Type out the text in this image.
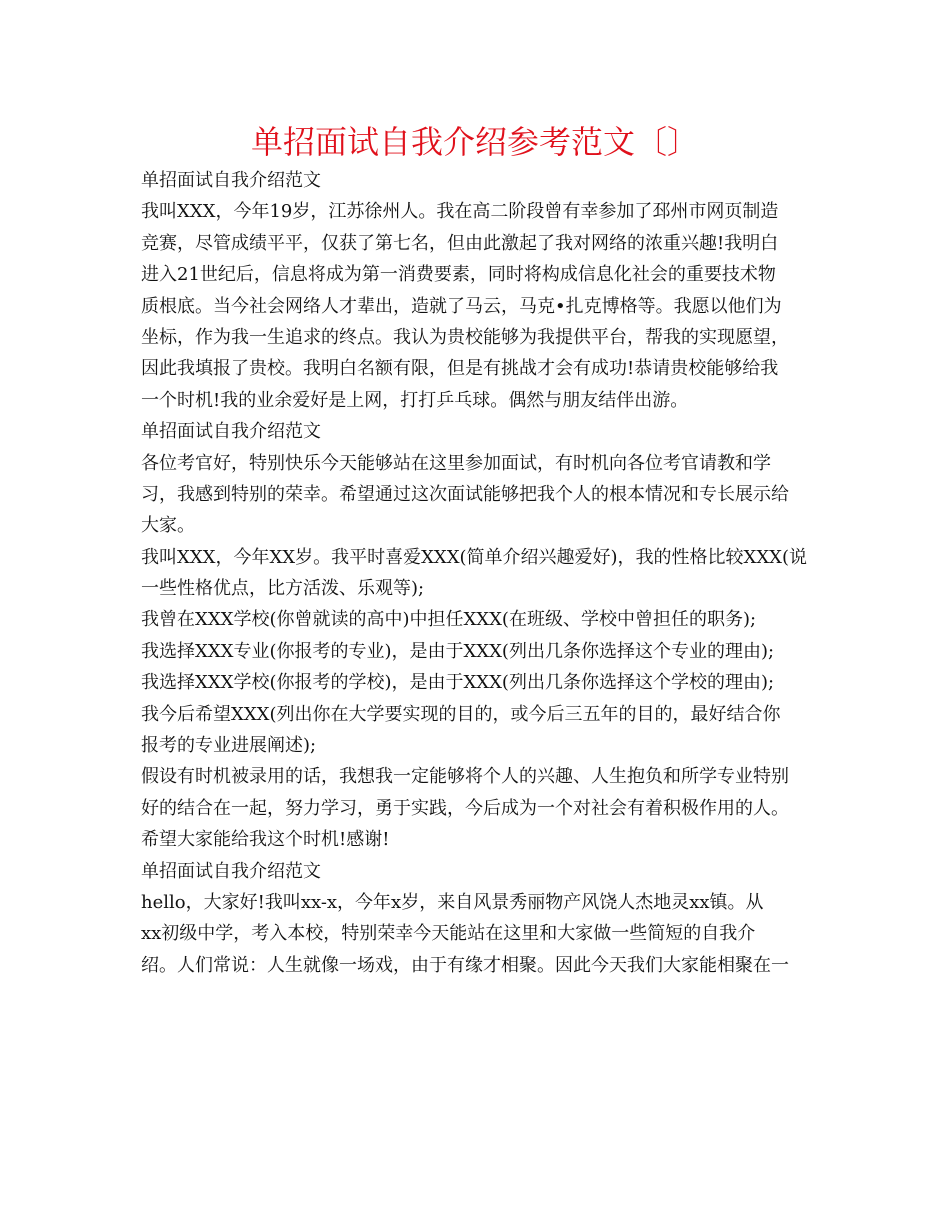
单招面试自我介绍参考范文〔〕
单招面试自我介绍范文
我叫XXX，今年19岁，江苏徐州人。我在高二阶段曾有幸参加了邳州市网页制造
竞赛，尽管成绩平平，仅获了第七名，但由此激起了我对网络的浓重兴趣!我明白
进入21世纪后，信息将成为第一消费要素，同时将构成信息化社会的重要技术物
质根底。当今社会网络人才辈出，造就了马云，马克•扎克博格等。我愿以他们为
坐标，作为我一生追求的终点。我认为贵校能够为我提供平台，帮我的实现愿望，
因此我填报了贵校。我明白名额有限，但是有挑战才会有成功!恭请贵校能够给我
一个时机!我的业余爱好是上网，打打乒乓球。偶然与朋友结伴出游。
单招面试自我介绍范文
各位考官好，特别快乐今天能够站在这里参加面试，有时机向各位考官请教和学
习，我感到特别的荣幸。希望通过这次面试能够把我个人的根本情况和专长展示给
大家。
我叫XXX，今年XX岁。我平时喜爱XXX(简单介绍兴趣爱好)，我的性格比较XXX(说
一些性格优点，比方活泼、乐观等);
我曾在XXX学校(你曾就读的高中)中担任XXX(在班级、学校中曾担任的职务);
我选择XXX专业(你报考的专业)，是由于XXX(列出几条你选择这个专业的理由);
我选择XXX学校(你报考的学校)，是由于XXX(列出几条你选择这个学校的理由);
我今后希望XXX(列出你在大学要实现的目的，或今后三五年的目的，最好结合你
报考的专业进展阐述);
假设有时机被录用的话，我想我一定能够将个人的兴趣、人生抱负和所学专业特别
好的结合在一起，努力学习，勇于实践，今后成为一个对社会有着积极作用的人。
希望大家能给我这个时机!感谢!
单招面试自我介绍范文
hello，大家好!我叫xx-x，今年x岁，来自风景秀丽物产风饶人杰地灵xx镇。从
xx初级中学，考入本校，特别荣幸今天能站在这里和大家做一些简短的自我介
绍。人们常说：人生就像一场戏，由于有缘才相聚。因此今天我们大家能相聚在一
